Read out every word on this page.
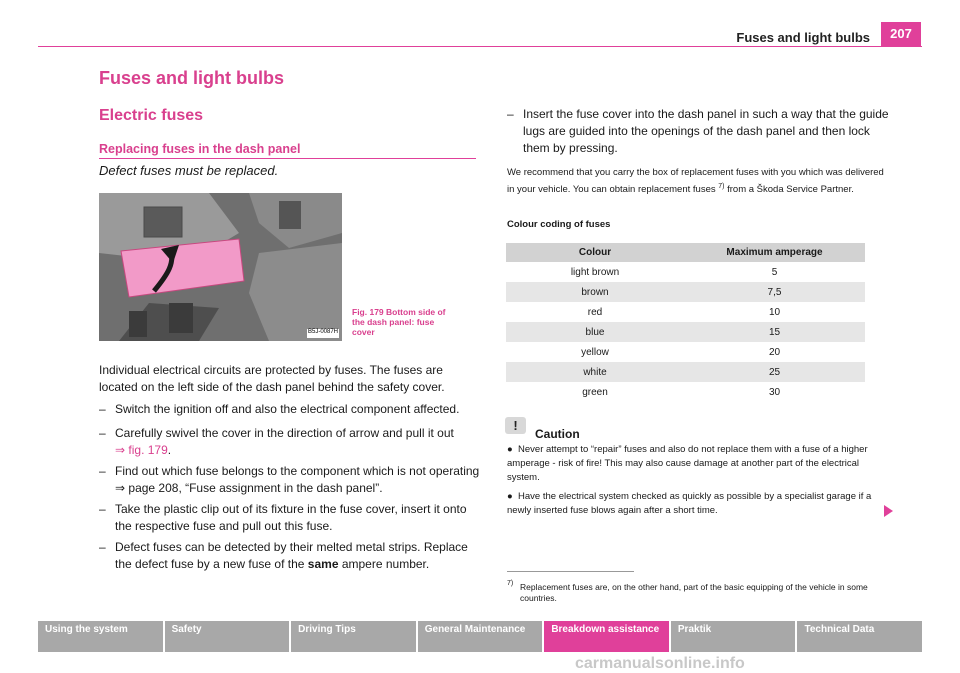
Fuses and light bulbs	207
Fuses and light bulbs
Electric fuses
Replacing fuses in the dash panel
Defect fuses must be replaced.
B5J-0087H
Fig. 179 Bottom side of
the dash panel: fuse
cover
Individual electrical circuits are protected by fuses. The fuses are located on the left side of the dash panel behind the safety cover.
– Switch the ignition off and also the electrical component affected.
– Carefully swivel the cover in the direction of arrow and pull it out
⇒ fig. 179.
– Find out which fuse belongs to the component which is not operating
⇒ page 208, “Fuse assignment in the dash panel”.
– Take the plastic clip out of its fixture in the fuse cover, insert it onto the respective fuse and pull out this fuse.
– Defect fuses can be detected by their melted metal strips. Replace the defect fuse by a new fuse of the same ampere number.
– Insert the fuse cover into the dash panel in such a way that the guide lugs are guided into the openings of the dash panel and then lock them by pressing.
We recommend that you carry the box of replacement fuses with you which was delivered in your vehicle. You can obtain replacement fuses $^{7)}$ from a Škoda Service Partner.
Colour coding of fuses
Colour	Maximum amperage
light brown	5
brown	7,5
red	10
blue	15
yellow	20
white	25
green	30
!
Caution
● Never attempt to “repair” fuses and also do not replace them with a fuse of a higher amperage - risk of fire! This may also cause damage at another part of the electrical system.
● Have the electrical system checked as quickly as possible by a specialist garage if a newly inserted fuse blows again after a short time.
7) Replacement fuses are, on the other hand, part of the basic equipping of the vehicle in some countries.
Using the system	Safety	Driving Tips	General Maintenance	Breakdown assistance	Praktik	Technical Data
carmanualsonline.info
